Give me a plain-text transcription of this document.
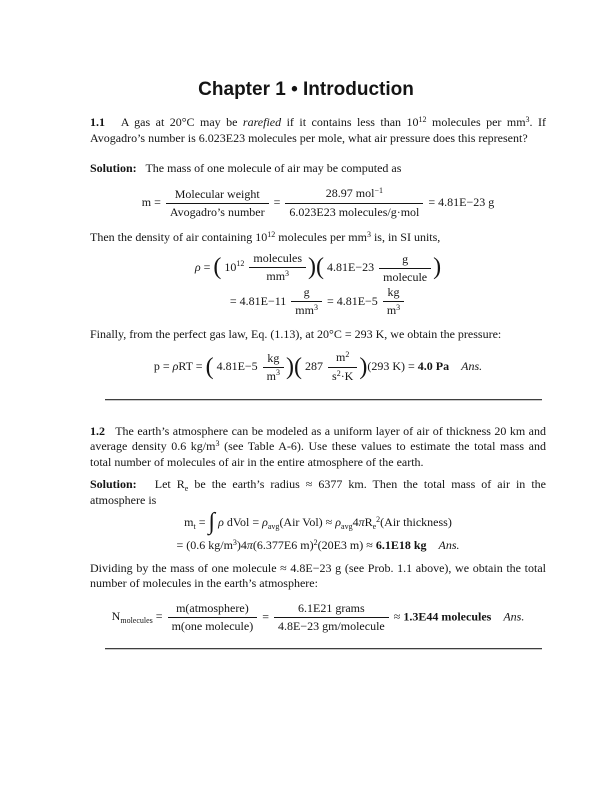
Chapter 1 • Introduction

1.1   A gas at 20°C may be rarefied if it contains less than $10^{12}$ molecules per $mm^3$. If Avogadro’s number is 6.023E23 molecules per mole, what air pressure does this represent?

Solution:   The mass of one molecule of air may be computed as

$m = \frac{\text{Molecular weight}}{\text{Avogadro’s number}} = \frac{28.97 mol^{-1}}{\text{6.023E23 molecules/g·mol}} = 4.81E-23$ g

Then the density of air containing $10^{12}$ molecules per $mm^3$ is, in SI units,

ρ = ( $10^{12} \frac{\text{molecules}}{mm^3}$ )( $4.81E-23 \frac{g}{\text{molecule}}$ )
= $4.81E-11 \frac{g}{mm^3} = 4.81E-5 \frac{kg}{m^3}$

Finally, from the perfect gas law, Eq. (1.13), at 20°C = 293 K, we obtain the pressure:

p = ρRT = ( $4.81E-5 \frac{kg}{m^3}$ )( $287 \frac{m^2}{s^2\cdot K} )(293$ K) = 4.0 Pa Ans.

1.2   The earth’s atmosphere can be modeled as a uniform layer of air of thickness 20 km and average density 0.6 $kg/m^3$ (see Table A-6). Use these values to estimate the total mass and total number of molecules of air in the entire atmosphere of the earth.

Solution:   Let $R_e$ be the earth’s radius ≈ 6377 km. Then the total mass of air in the atmosphere is

$m_t$ = ∫ ρ dVol = $\rho_{avg}(Air$ $Vol) \approx \rho_{avg}4\pi R_e^2(Air$ thickness)
= (0.6 $kg/m^3)4\pi(6.377E6$ m)$^2$(20E3 m) ≈ 6.1E18 kg Ans.

Dividing by the mass of one molecule ≈ 4.8E−23 g (see Prob. 1.1 above), we obtain the total number of molecules in the earth’s atmosphere:

$N_{molecules} = \frac{\text{m(atmosphere)}}{\text{m(one molecule)}} = \frac{\text{6.1E21 grams}}{\text{4.8E−23 gm/molecule}} \approx 1.3E44$ molecules Ans.
